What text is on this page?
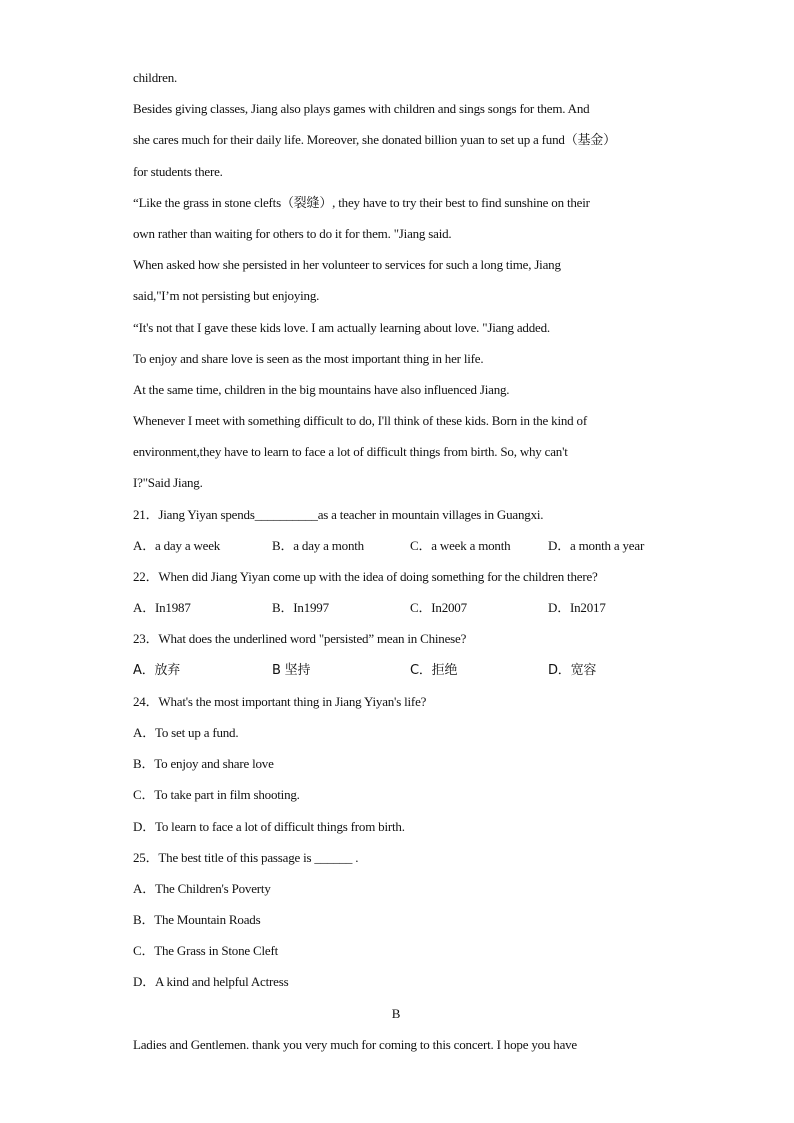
children.
Besides giving classes, Jiang also plays games with children and sings songs for them. And
she cares much for their daily life. Moreover, she donated billion yuan to set up a fund（基金）
for students there.
“Like the grass in stone clefts（裂缝）, they have to try their best to find sunshine on their
own rather than waiting for others to do it for them. "Jiang said.
When asked how she persisted in her volunteer to services for such a long time, Jiang
said,"I’m not persisting but enjoying.
“It's not that I gave these kids love. I am actually learning about love. "Jiang added.
To enjoy and share love is seen as the most important thing in her life.
At the same time, children in the big mountains have also influenced Jiang.
Whenever I meet with something difficult to do, I'll think of these kids. Born in the kind of
environment,they have to learn to face a lot of difficult things from birth. So, why can't
I?"Said Jiang.
21．Jiang Yiyan spends__________as a teacher in mountain villages in Guangxi.
A．a day a week	B．a day a month	C．a week a month	D．a month a year
22．When did Jiang Yiyan come up with the idea of doing something for the children there?
A．In1987	B．In1997	C．In2007	D．In2017
23．What does the underlined word "persisted” mean in Chinese?
A．放弃	B 坚持	C．拒绝	D．宽容
24．What's the most important thing in Jiang Yiyan's life?
A．To set up a fund.
B．To enjoy and share love
C．To take part in film shooting.
D．To learn to face a lot of difficult things from birth.
25．The best title of this passage is ______ .
A．The Children's Poverty
B．The Mountain Roads
C．The Grass in Stone Cleft
D．A kind and helpful Actress
B
Ladies and Gentlemen. thank you very much for coming to this concert. I hope you have
